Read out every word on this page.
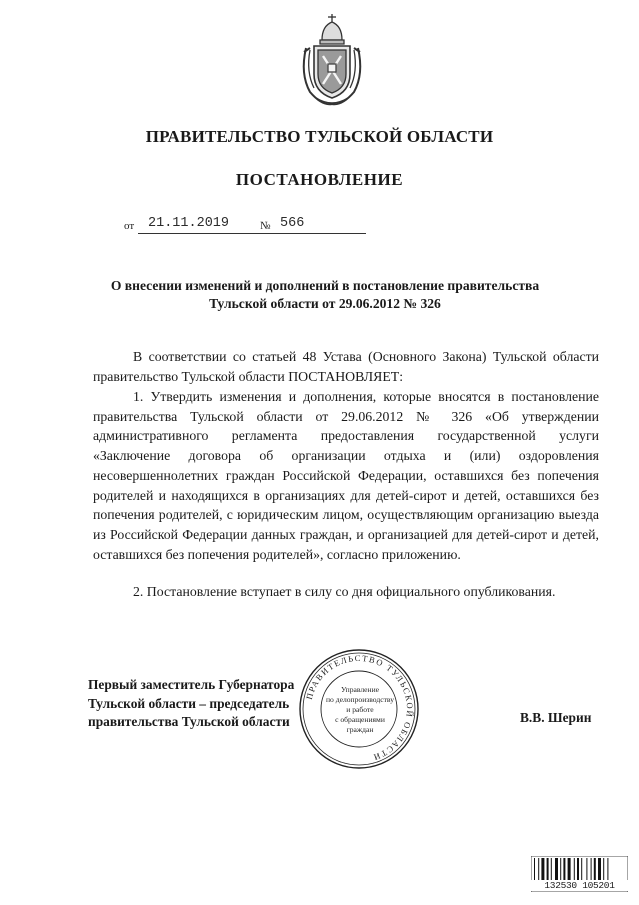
ПРАВИТЕЛЬСТВО ТУЛЬСКОЙ ОБЛАСТИ
ПОСТАНОВЛЕНИЕ
от 21.11.2019	№ 566
О внесении изменений и дополнений в постановление правительства
Тульской области от 29.06.2012 № 326
В соответствии со статьей 48 Устава (Основного Закона) Тульской области правительство Тульской области ПОСТАНОВЛЯЕТ:
1. Утвердить изменения и дополнения, которые вносятся в постановление правительства Тульской области от 29.06.2012 № 326 «Об утверждении административного регламента предоставления государственной услуги «Заключение договора об организации отдыха и (или) оздоровления несовершеннолетних граждан Российской Федерации, оставшихся без попечения родителей и находящихся в организациях для детей-сирот и детей, оставшихся без попечения родителей, с юридическим лицом, осуществляющим организацию выезда из Российской Федерации данных граждан, и организацией для детей-сирот и детей, оставшихся без попечения родителей», согласно приложению.
2. Постановление вступает в силу со дня официального опубликования.
Первый заместитель Губернатора
Тульской области – председатель
правительства Тульской области	В.В. Шерин
ПРАВИТЕЛЬСТВО ТУЛЬСКОЙ ОБЛАСТИ
Управление
по делопроизводству
и работе
с обращениями
граждан
132530 105201
